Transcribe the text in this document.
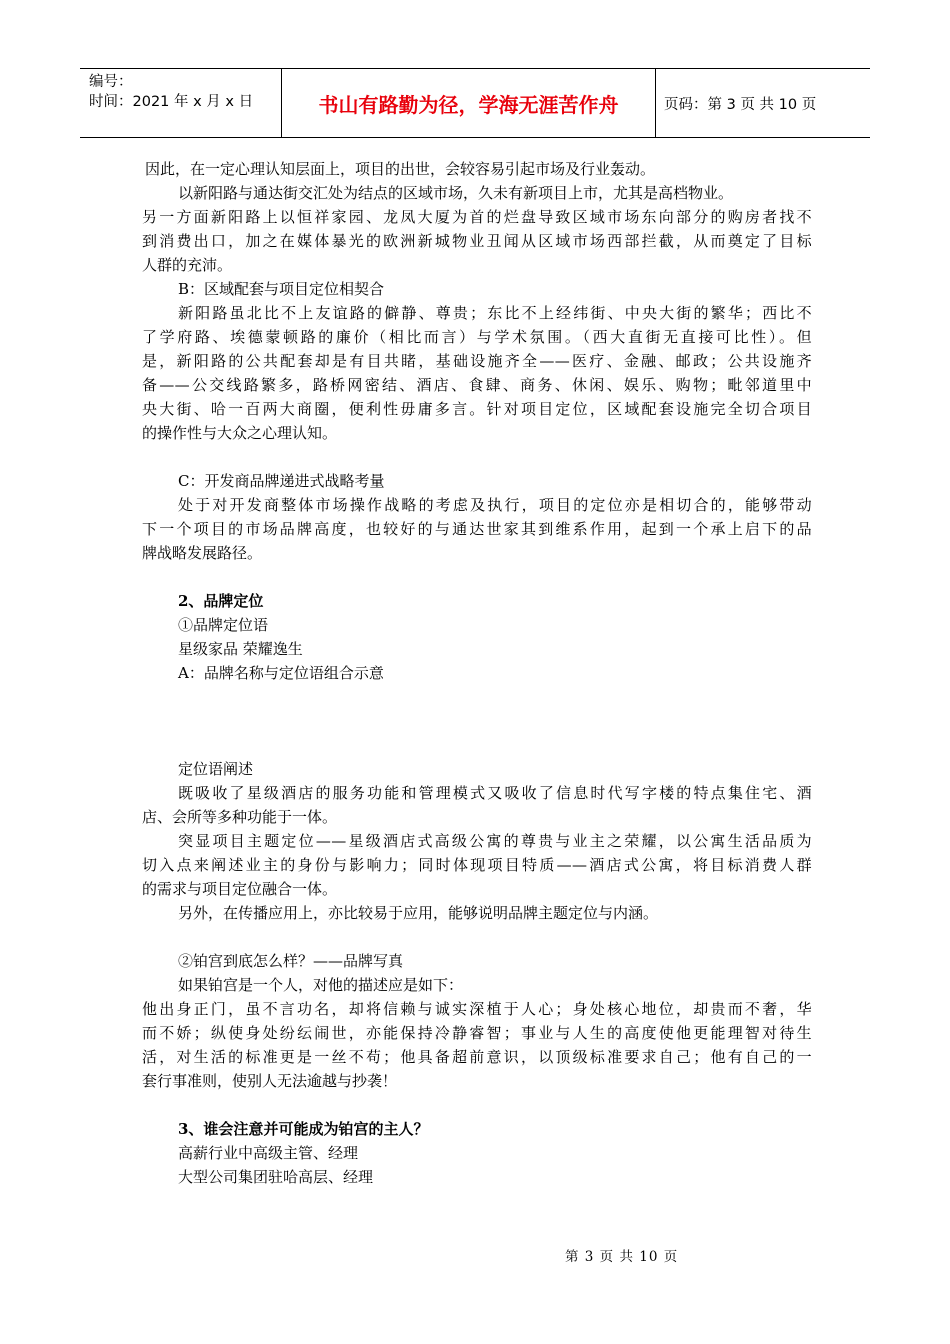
编号：
时间：2021 年 x 月 x 日	书山有路勤为径，学海无涯苦作舟	页码：第 3 页 共 10 页
因此，在一定心理认知层面上，项目的出世，会较容易引起市场及行业轰动。
以新阳路与通达街交汇处为结点的区域市场，久未有新项目上市，尤其是高档物业。
另一方面新阳路上以恒祥家园、龙凤大厦为首的烂盘导致区域市场东向部分的购房者找不
到消费出口，加之在媒体暴光的欧洲新城物业丑闻从区域市场西部拦截，从而奠定了目标
人群的充沛。
B：区域配套与项目定位相契合
新阳路虽北比不上友谊路的僻静、尊贵；东比不上经纬街、中央大街的繁华；西比不
了学府路、埃德蒙顿路的廉价（相比而言）与学术氛围。（西大直街无直接可比性）。但
是，新阳路的公共配套却是有目共睹，基础设施齐全——医疗、金融、邮政；公共设施齐
备——公交线路繁多，路桥网密结、酒店、食肆、商务、休闲、娱乐、购物；毗邻道里中
央大街、哈一百两大商圈，便利性毋庸多言。针对项目定位，区域配套设施完全切合项目
的操作性与大众之心理认知。
C：开发商品牌递进式战略考量
处于对开发商整体市场操作战略的考虑及执行，项目的定位亦是相切合的，能够带动
下一个项目的市场品牌高度，也较好的与通达世家其到维系作用，起到一个承上启下的品
牌战略发展路径。
2、品牌定位
①品牌定位语
星级家品 荣耀逸生
A：品牌名称与定位语组合示意
定位语阐述
既吸收了星级酒店的服务功能和管理模式又吸收了信息时代写字楼的特点集住宅、酒
店、会所等多种功能于一体。
突显项目主题定位——星级酒店式高级公寓的尊贵与业主之荣耀，以公寓生活品质为
切入点来阐述业主的身份与影响力；同时体现项目特质——酒店式公寓，将目标消费人群
的需求与项目定位融合一体。
另外，在传播应用上，亦比较易于应用，能够说明品牌主题定位与内涵。
②铂宫到底怎么样？——品牌写真
如果铂宫是一个人，对他的描述应是如下：
他出身正门，虽不言功名，却将信赖与诚实深植于人心；身处核心地位，却贵而不奢，华
而不娇；纵使身处纷纭闹世，亦能保持冷静睿智；事业与人生的高度使他更能理智对待生
活，对生活的标准更是一丝不苟；他具备超前意识，以顶级标准要求自己；他有自己的一
套行事准则，使别人无法逾越与抄袭！
3、谁会注意并可能成为铂宫的主人？
高薪行业中高级主管、经理
大型公司集团驻哈高层、经理
第 3 页 共 10 页
